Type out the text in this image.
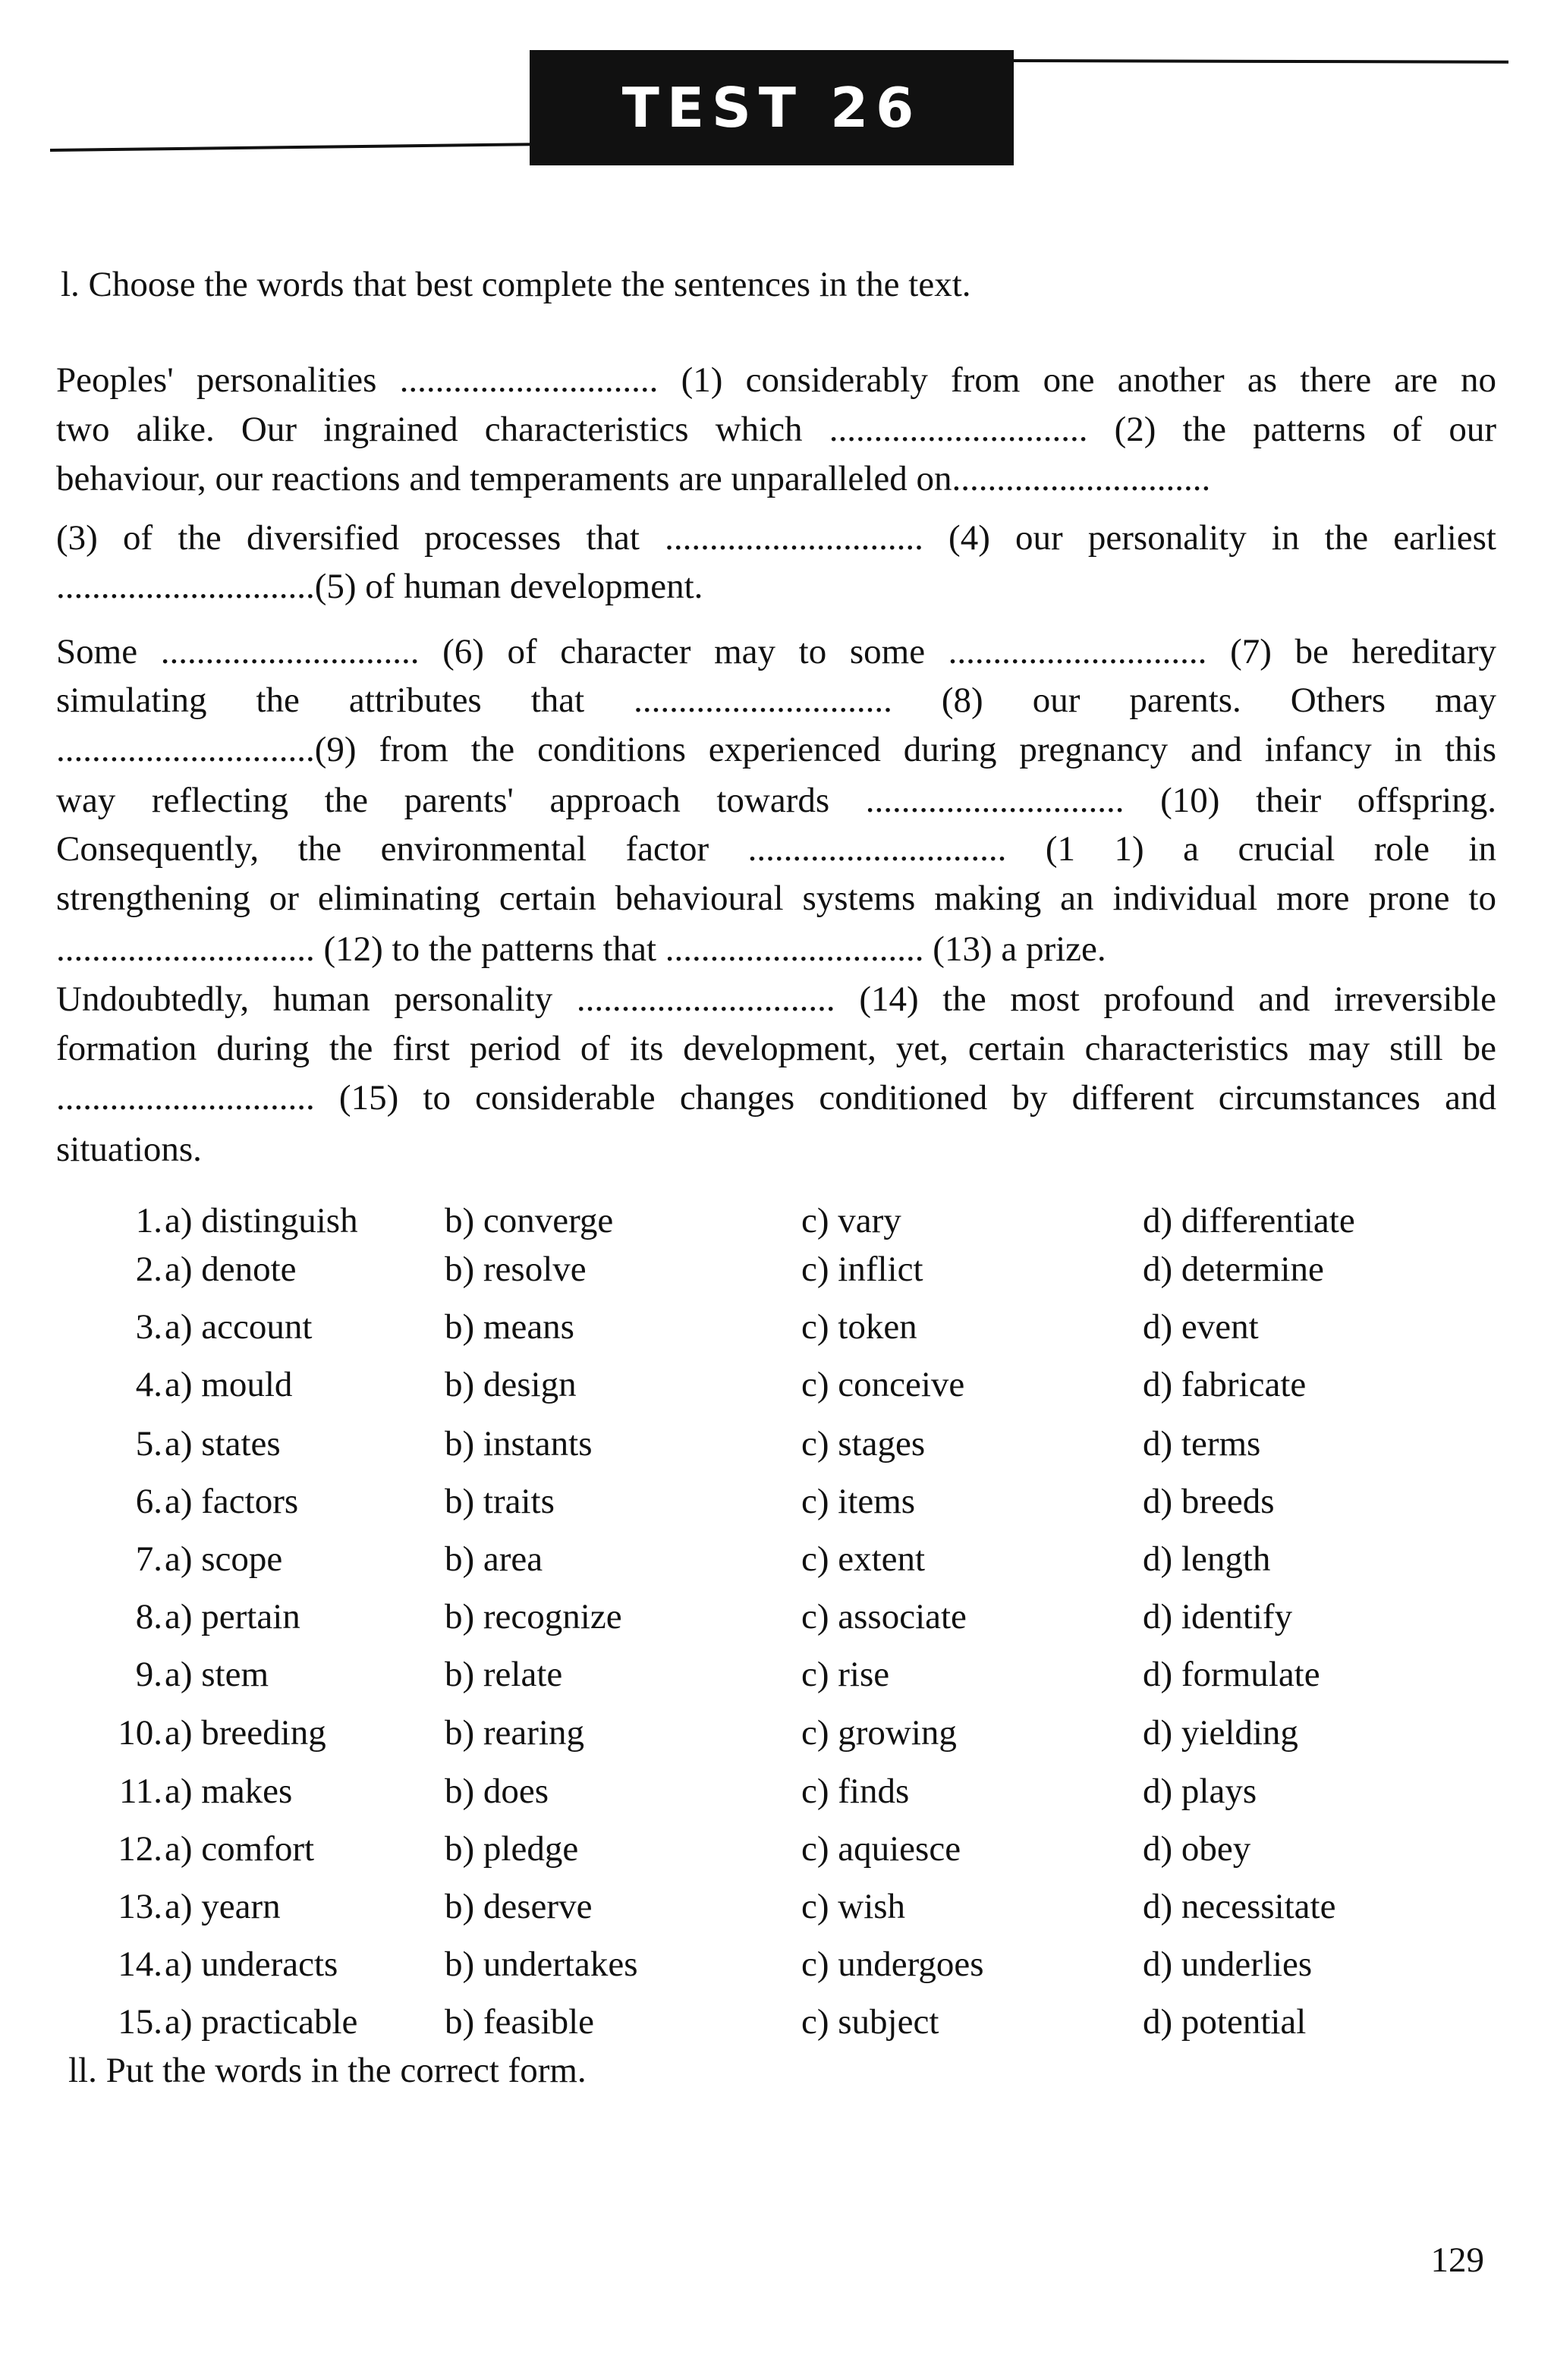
TEST 26
l. Choose the words that best complete the sentences in the text.
Peoples' personalities ............................. (1) considerably from one another as there are no
two alike. Our ingrained characteristics which ............................. (2) the patterns of our
behaviour, our reactions and temperaments are unparalleled on.............................
(3) of the diversified processes that ............................. (4) our personality in the earliest
.............................(5) of human development.
Some ............................. (6) of character may to some ............................. (7) be hereditary
simulating the attributes that ............................. (8) our parents. Others may
.............................(9) from the conditions experienced during pregnancy and infancy in this
way reflecting the parents' approach towards ............................. (10) their offspring.
Consequently, the environmental factor ............................. (1 1) a crucial role in
strengthening or eliminating certain behavioural systems making an individual more prone to
............................. (12) to the patterns that ............................. (13) a prize.
Undoubtedly, human personality ............................. (14) the most profound and irreversible
formation during the first period of its development, yet, certain characteristics may still be
............................. (15) to considerable changes conditioned by different circumstances and
situations.
1. a) distinguish b) converge	c) vary	d) differentiate
2. a) denote	b) resolve	c) inflict	d) determine
3. a) account	b) means	c) token	d) event
4. a) mould	b) design	c) conceive	d) fabricate
5. a) states	b) instants	c) stages	d) terms
6. a) factors	b) traits	c) items	d) breeds
7. a) scope	b) area	c) extent	d) length
8. a) pertain	b) recognize	c) associate	d) identify
9. a) stem	b) relate	c) rise	d) formulate
10. a) breeding	b) rearing	c) growing	d) yielding
11. a) makes	b) does	c) finds	d) plays
12. a) comfort	b) pledge	c) aquiesce	d) obey
13. a) yearn	b) deserve	c) wish	d) necessitate
14. a) underacts	b) undertakes	c) undergoes	d) underlies
15. a) practicable b) feasible	c) subject	d) potential
ll. Put the words in the correct form.
129
